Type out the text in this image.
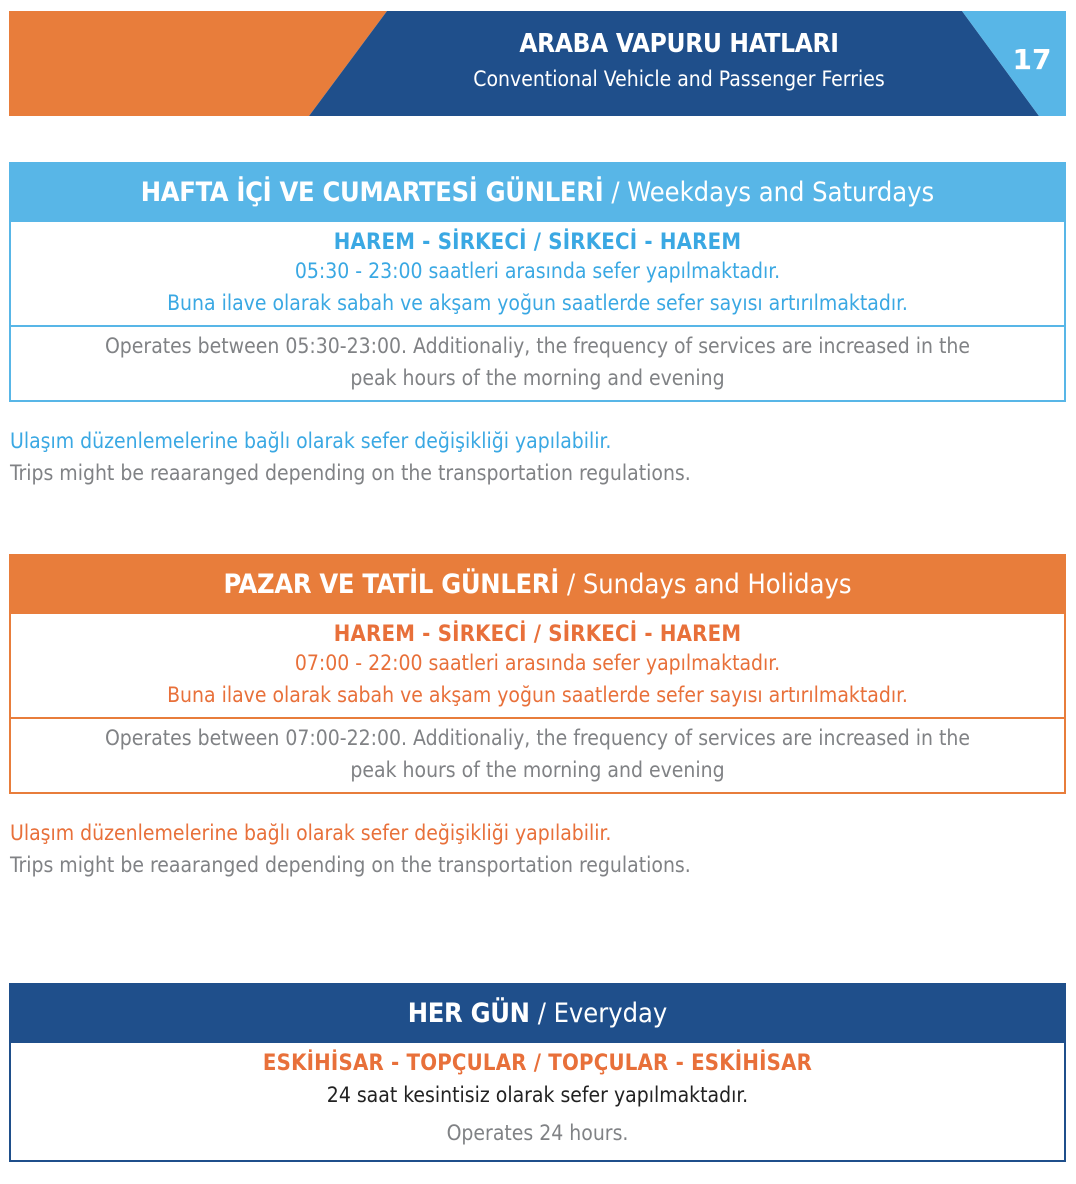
ARABA VAPURU HATLARI
Conventional Vehicle and Passenger Ferries
17
HAFTA İÇİ VE CUMARTESİ GÜNLERİ / Weekdays and Saturdays
HAREM - SİRKECİ / SİRKECİ - HAREM
05:30 - 23:00 saatleri arasında sefer yapılmaktadır.
Buna ilave olarak sabah ve akşam yoğun saatlerde sefer sayısı artırılmaktadır.
Operates between 05:30-23:00. Additionaliy, the frequency of services are increased in the
peak hours of the morning and evening
Ulaşım düzenlemelerine bağlı olarak sefer değişikliği yapılabilir.
Trips might be reaaranged depending on the transportation regulations.
PAZAR VE TATİL GÜNLERİ / Sundays and Holidays
HAREM - SİRKECİ / SİRKECİ - HAREM
07:00 - 22:00 saatleri arasında sefer yapılmaktadır.
Buna ilave olarak sabah ve akşam yoğun saatlerde sefer sayısı artırılmaktadır.
Operates between 07:00-22:00. Additionaliy, the frequency of services are increased in the
peak hours of the morning and evening
Ulaşım düzenlemelerine bağlı olarak sefer değişikliği yapılabilir.
Trips might be reaaranged depending on the transportation regulations.
HER GÜN / Everyday
ESKİHİSAR - TOPÇULAR / TOPÇULAR - ESKİHİSAR
24 saat kesintisiz olarak sefer yapılmaktadır.
Operates 24 hours.
